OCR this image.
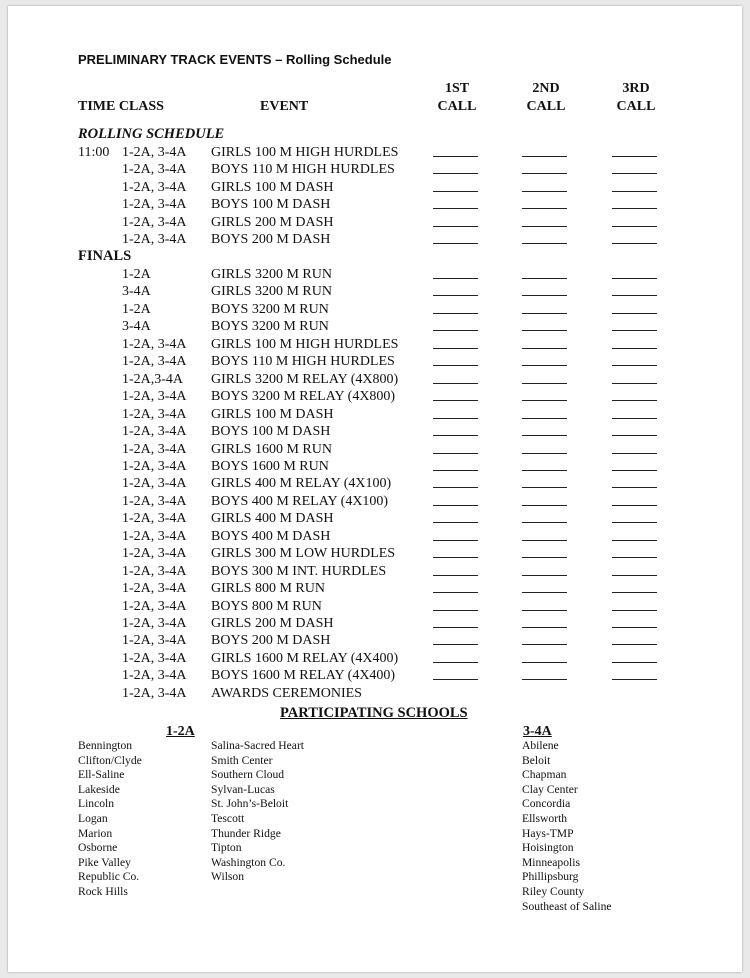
PRELIMINARY TRACK EVENTS – Rolling Schedule
TIME CLASS	EVENT
1ST
CALL
2ND
CALL
3RD
CALL
ROLLING SCHEDULE
11:00 1-2A, 3-4A GIRLS 100 M HIGH HURDLES
1-2A, 3-4A BOYS 110 M HIGH HURDLES
1-2A, 3-4A GIRLS 100 M DASH
1-2A, 3-4A BOYS 100 M DASH
1-2A, 3-4A GIRLS 200 M DASH
1-2A, 3-4A BOYS 200 M DASH
FINALS
1-2A	GIRLS 3200 M RUN
3-4A	GIRLS 3200 M RUN
1-2A	BOYS 3200 M RUN
3-4A	BOYS 3200 M RUN
1-2A, 3-4A GIRLS 100 M HIGH HURDLES
1-2A, 3-4A BOYS 110 M HIGH HURDLES
1-2A,3-4A GIRLS 3200 M RELAY (4X800)
1-2A, 3-4A BOYS 3200 M RELAY (4X800)
1-2A, 3-4A GIRLS 100 M DASH
1-2A, 3-4A BOYS 100 M DASH
1-2A, 3-4A GIRLS 1600 M RUN
1-2A, 3-4A BOYS 1600 M RUN
1-2A, 3-4A GIRLS 400 M RELAY (4X100)
1-2A, 3-4A BOYS 400 M RELAY (4X100)
1-2A, 3-4A GIRLS 400 M DASH
1-2A, 3-4A BOYS 400 M DASH
1-2A, 3-4A GIRLS 300 M LOW HURDLES
1-2A, 3-4A BOYS 300 M INT. HURDLES
1-2A, 3-4A GIRLS 800 M RUN
1-2A, 3-4A BOYS 800 M RUN
1-2A, 3-4A GIRLS 200 M DASH
1-2A, 3-4A BOYS 200 M DASH
1-2A, 3-4A GIRLS 1600 M RELAY (4X400)
1-2A, 3-4A BOYS 1600 M RELAY (4X400)
1-2A, 3-4A AWARDS CEREMONIES
PARTICIPATING SCHOOLS
1-2A	3-4A
Bennington
Clifton/Clyde
Ell-Saline
Lakeside
Lincoln
Logan
Marion
Osborne
Pike Valley
Republic Co.
Rock Hills
Salina-Sacred Heart
Smith Center
Southern Cloud
Sylvan-Lucas
St. John’s-Beloit
Tescott
Thunder Ridge
Tipton
Washington Co.
Wilson
Abilene
Beloit
Chapman
Clay Center
Concordia
Ellsworth
Hays-TMP
Hoisington
Minneapolis
Phillipsburg
Riley County
Southeast of Saline
